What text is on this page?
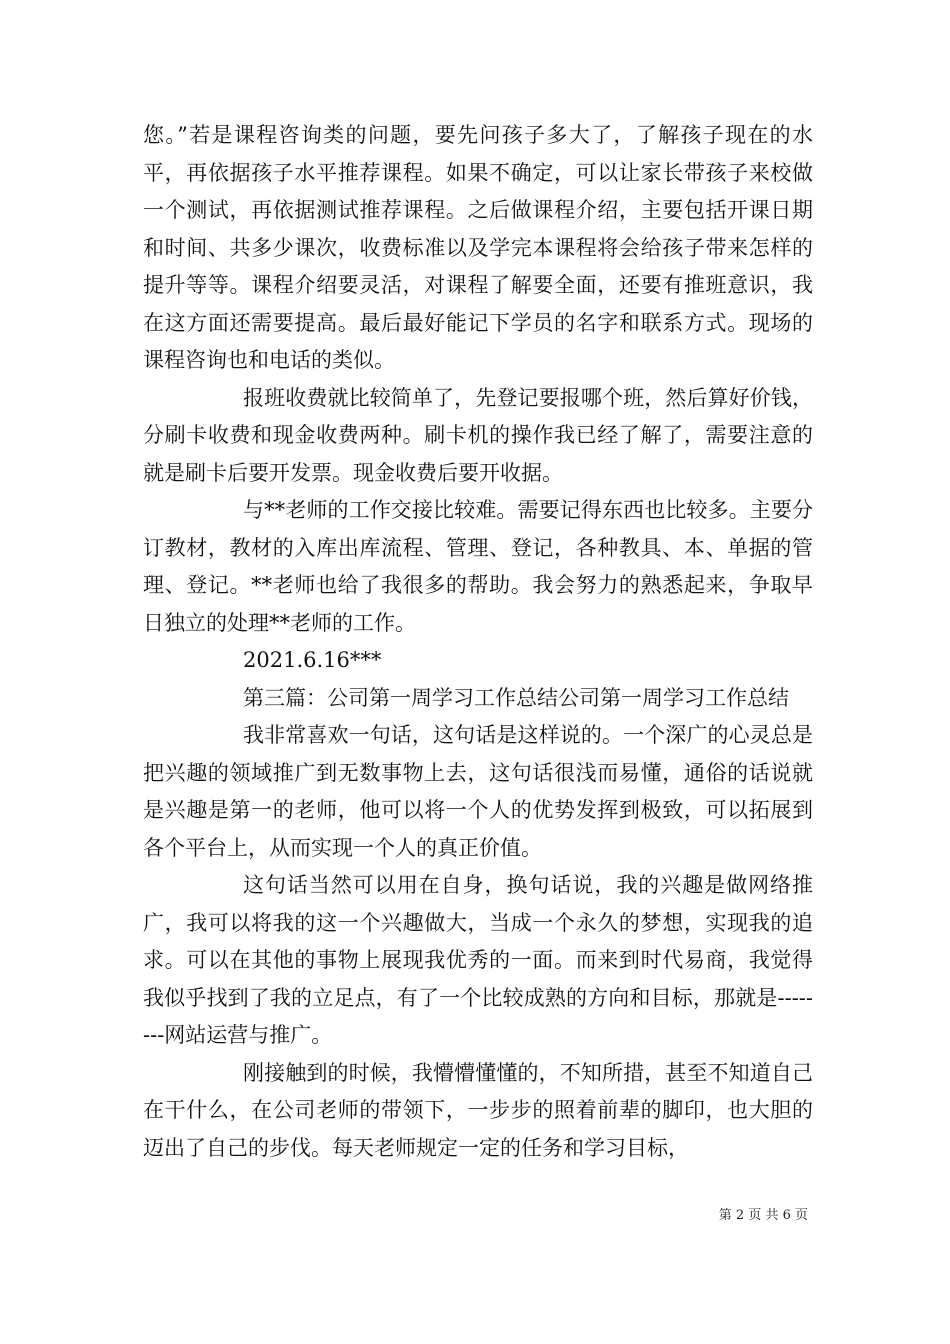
您。”若是课程咨询类的问题，要先问孩子多大了，了解孩子现在的水平，再依据孩子水平推荐课程。如果不确定，可以让家长带孩子来校做一个测试，再依据测试推荐课程。之后做课程介绍，主要包括开课日期和时间、共多少课次，收费标准以及学完本课程将会给孩子带来怎样的提升等等。课程介绍要灵活，对课程了解要全面，还要有推班意识，我在这方面还需要提高。最后最好能记下学员的名字和联系方式。现场的课程咨询也和电话的类似。

报班收费就比较简单了，先登记要报哪个班，然后算好价钱，分刷卡收费和现金收费两种。刷卡机的操作我已经了解了，需要注意的就是刷卡后要开发票。现金收费后要开收据。

与**老师的工作交接比较难。需要记得东西也比较多。主要分订教材，教材的入库出库流程、管理、登记，各种教具、本、单据的管理、登记。**老师也给了我很多的帮助。我会努力的熟悉起来，争取早日独立的处理**老师的工作。

2021.6.16***

第三篇：公司第一周学习工作总结公司第一周学习工作总结

我非常喜欢一句话，这句话是这样说的。一个深广的心灵总是把兴趣的领域推广到无数事物上去，这句话很浅而易懂，通俗的话说就是兴趣是第一的老师，他可以将一个人的优势发挥到极致，可以拓展到各个平台上，从而实现一个人的真正价值。

这句话当然可以用在自身，换句话说，我的兴趣是做网络推广，我可以将我的这一个兴趣做大，当成一个永久的梦想，实现我的追求。可以在其他的事物上展现我优秀的一面。而来到时代易商，我觉得我似乎找到了我的立足点，有了一个比较成熟的方向和目标，那就是--------网站运营与推广。

刚接触到的时候，我懵懵懂懂的，不知所措，甚至不知道自己在干什么，在公司老师的带领下，一步步的照着前辈的脚印，也大胆的迈出了自己的步伐。每天老师规定一定的任务和学习目标，

第 2 页 共 6 页
